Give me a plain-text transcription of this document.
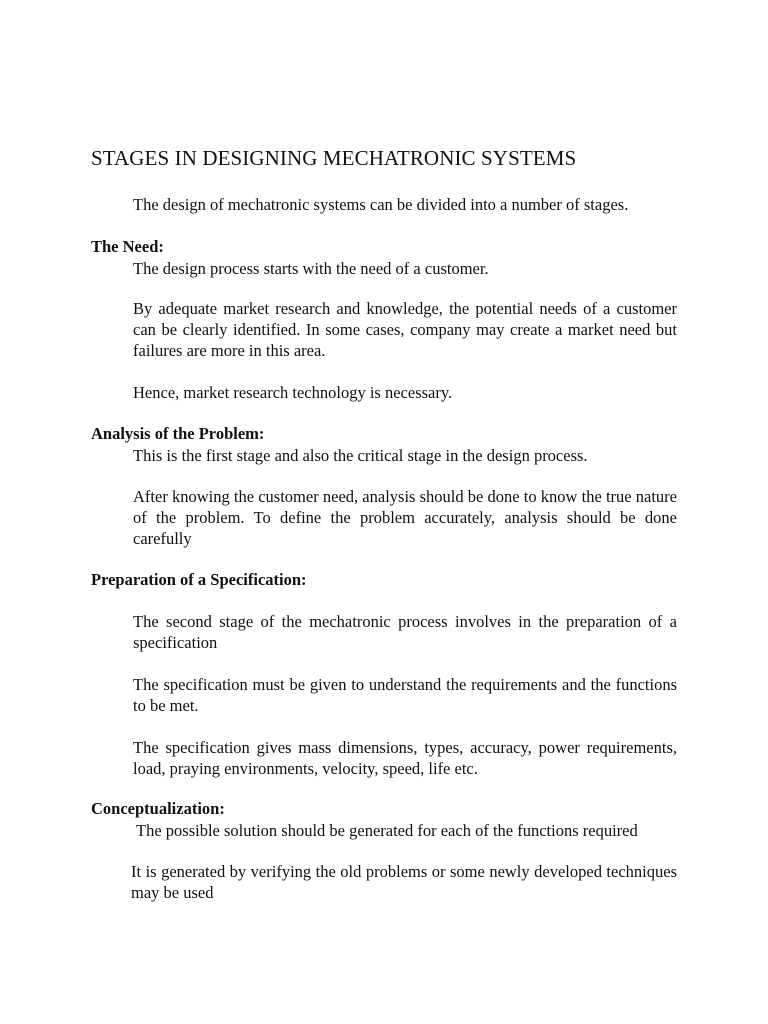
STAGES IN DESIGNING MECHATRONIC SYSTEMS
The design of mechatronic systems can be divided into a number of stages.
The Need:
The design process starts with the need of a customer.
By adequate market research and knowledge, the potential needs of a customer can be clearly identified. In some cases, company may create a market need but failures are more in this area.
Hence, market research technology is necessary.
Analysis of the Problem:
This is the first stage and also the critical stage in the design process.
After knowing the customer need, analysis should be done to know the true nature of the problem. To define the problem accurately, analysis should be done carefully
Preparation of a Specification:
The second stage of the mechatronic process involves in the preparation of a specification
The specification must be given to understand the requirements and the functions to be met.
The specification gives mass dimensions, types, accuracy, power requirements, load, praying environments, velocity, speed, life etc.
Conceptualization:
The possible solution should be generated for each of the functions required
It is generated by verifying the old problems or some newly developed techniques may be used
